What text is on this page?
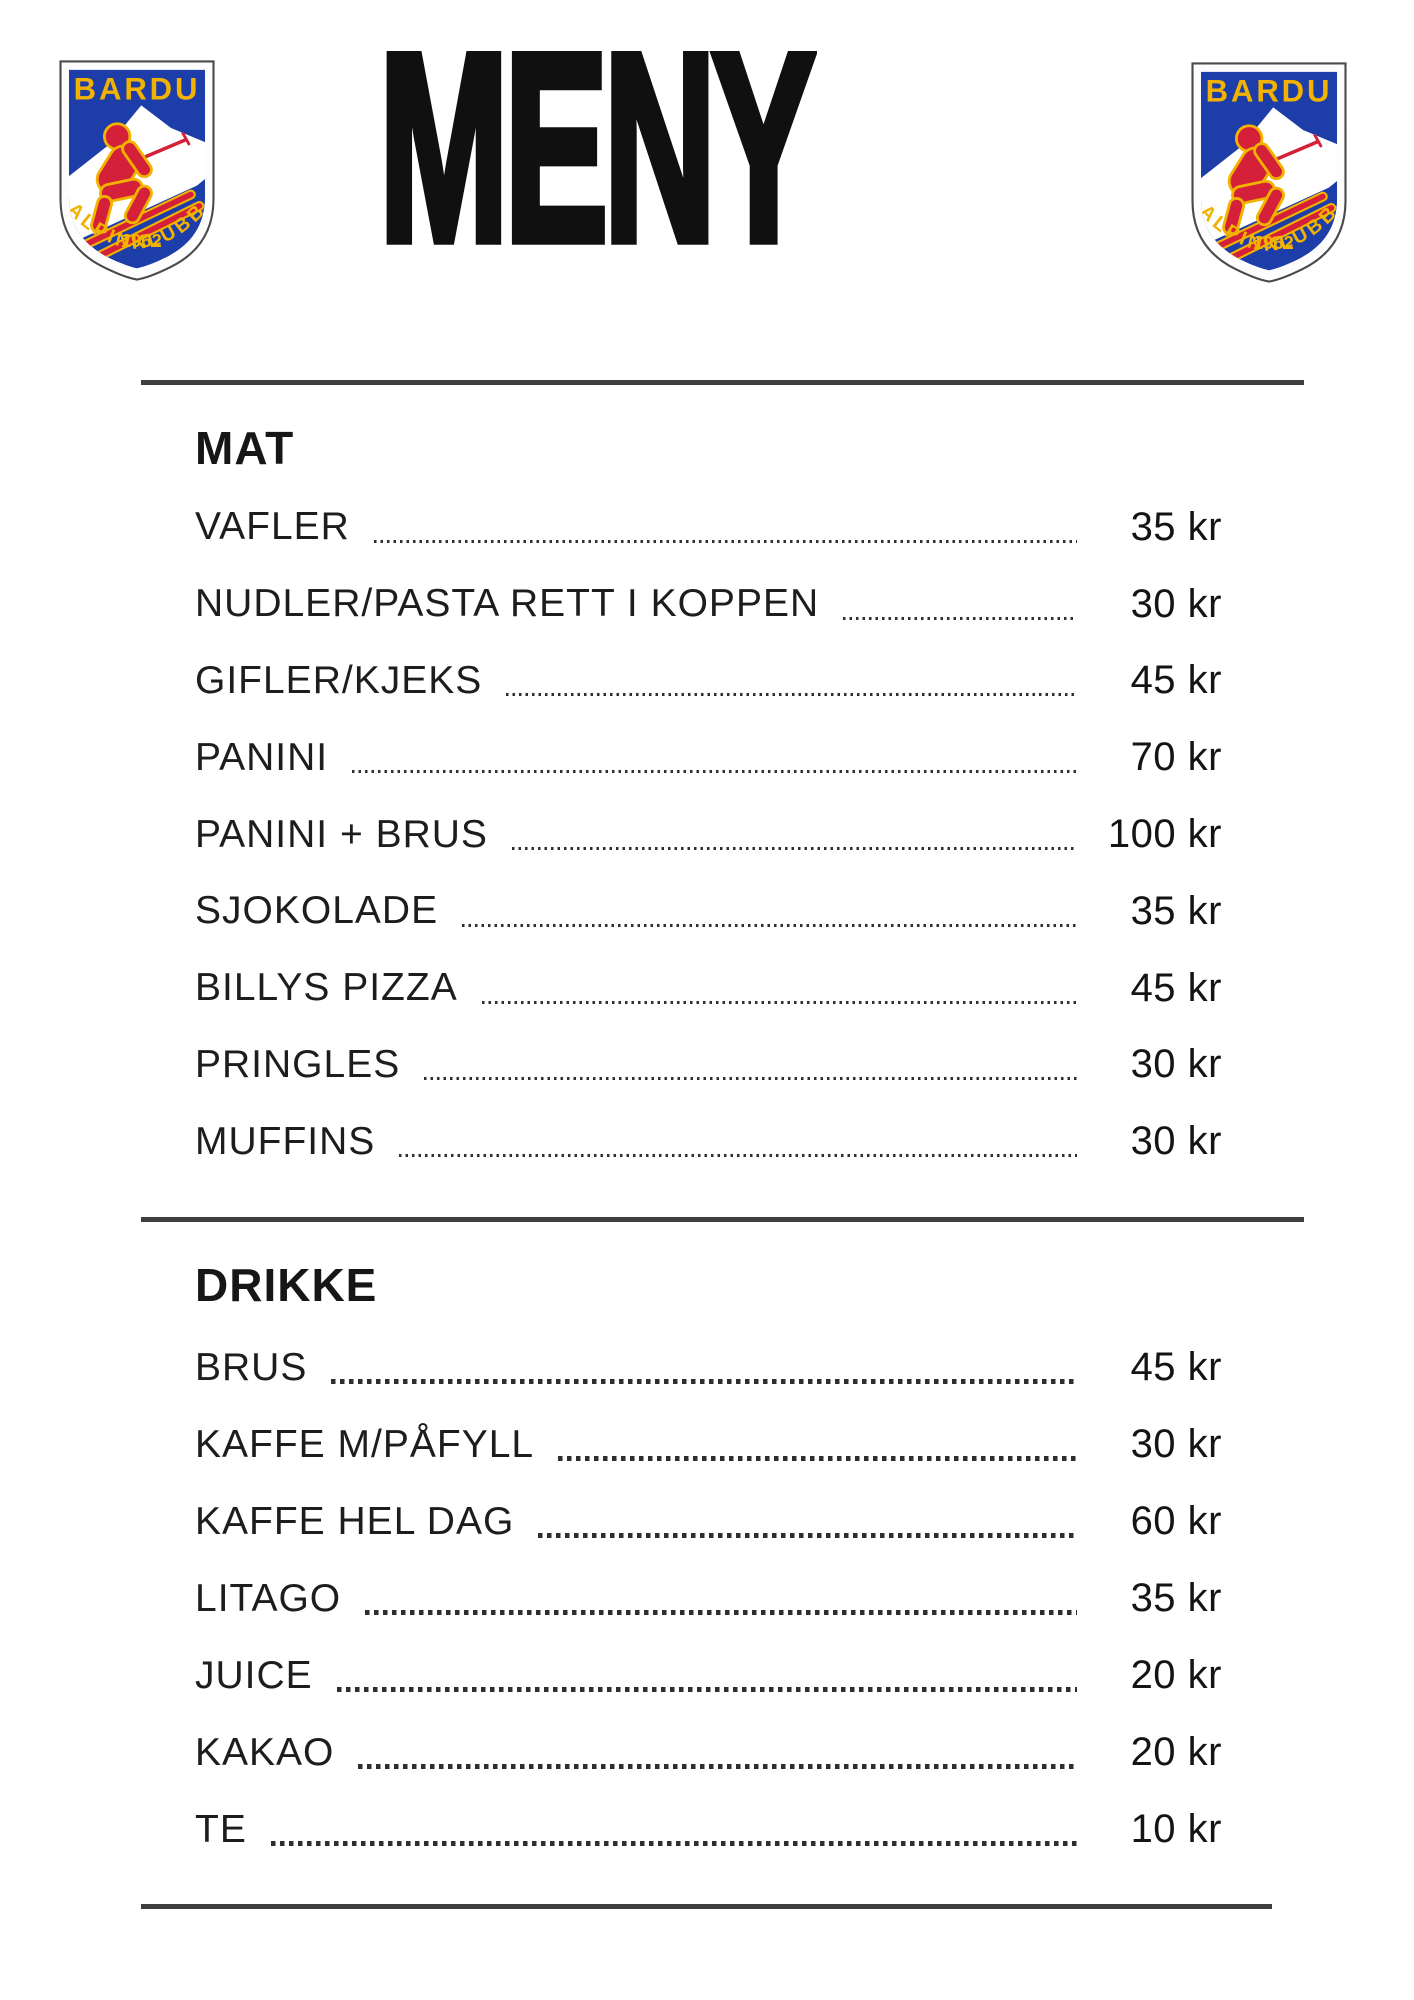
MENY
MAT
VAFLER	35 kr
NUDLER/PASTA RETT I KOPPEN	30 kr
GIFLER/KJEKS	45 kr
PANINI	70 kr
PANINI + BRUS	100 kr
SJOKOLADE	35 kr
BILLYS PIZZA	45 kr
PRINGLES	30 kr
MUFFINS	30 kr
DRIKKE
BRUS	45 kr
KAFFE M/PÅFYLL	30 kr
KAFFE HEL DAG	60 kr
LITAGO	35 kr
JUICE	20 kr
KAKAO	20 kr
TE	10 kr
